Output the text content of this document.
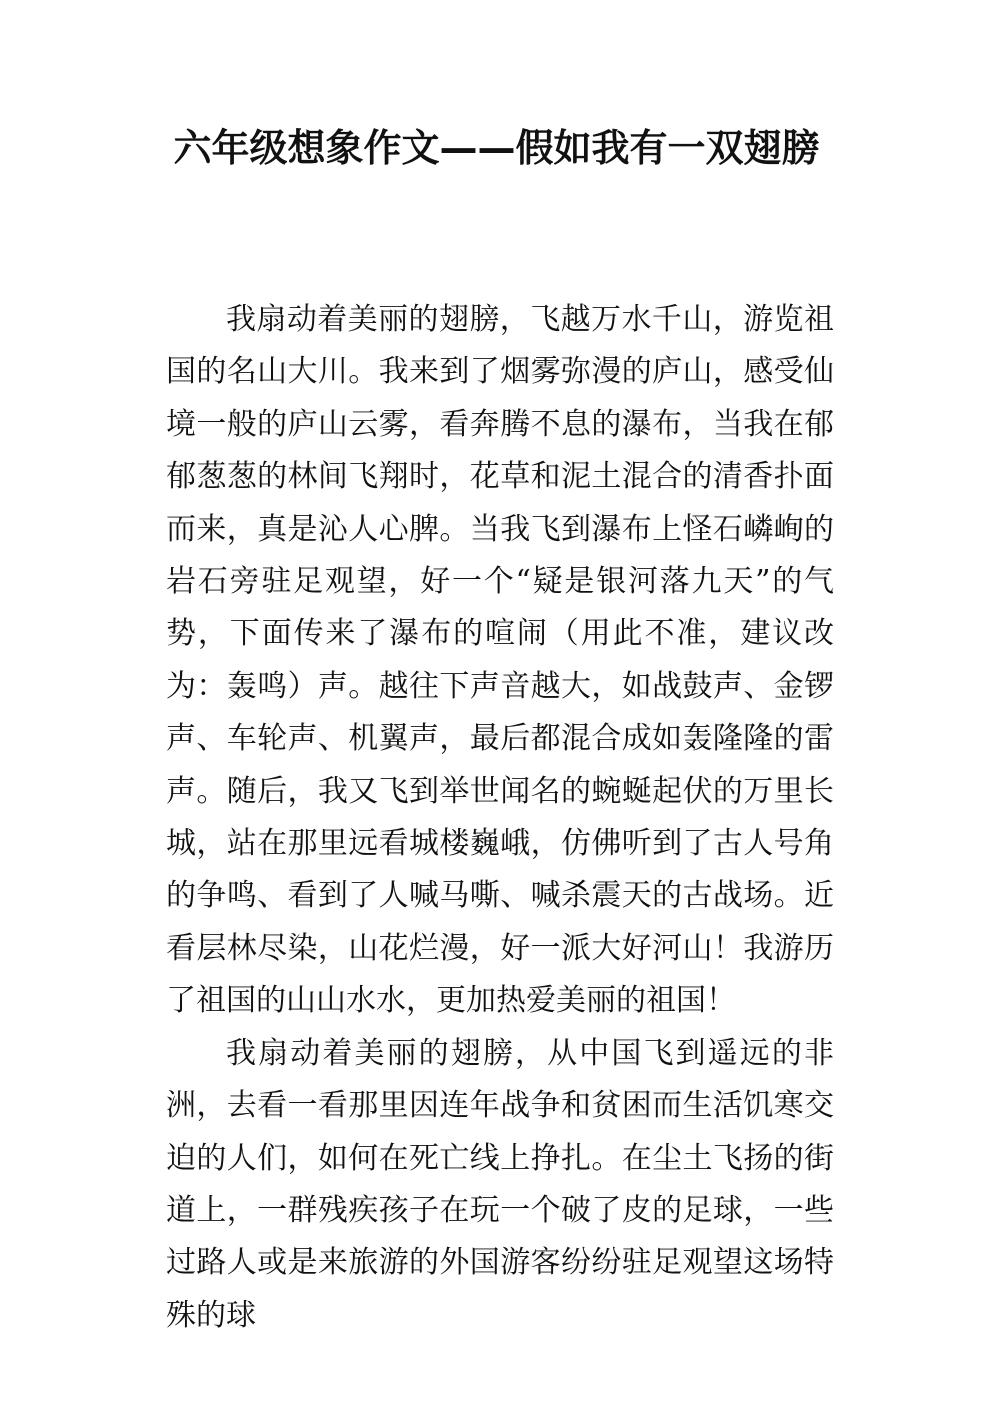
六年级想象作文——假如我有一双翅膀

我扇动着美丽的翅膀，飞越万水千山，游览祖国的名山大川。我来到了烟雾弥漫的庐山，感受仙境一般的庐山云雾，看奔腾不息的瀑布，当我在郁郁葱葱的林间飞翔时，花草和泥土混合的清香扑面而来，真是沁人心脾。当我飞到瀑布上怪石嶙峋的岩石旁驻足观望，好一个“疑是银河落九天”的气势，下面传来了瀑布的喧闹（用此不准，建议改为：轰鸣）声。越往下声音越大，如战鼓声、金锣声、车轮声、机翼声，最后都混合成如轰隆隆的雷声。随后，我又飞到举世闻名的蜿蜒起伏的万里长城，站在那里远看城楼巍峨，仿佛听到了古人号角的争鸣、看到了人喊马嘶、喊杀震天的古战场。近看层林尽染，山花烂漫，好一派大好河山！我游历了祖国的山山水水，更加热爱美丽的祖国！

我扇动着美丽的翅膀，从中国飞到遥远的非洲，去看一看那里因连年战争和贫困而生活饥寒交迫的人们，如何在死亡线上挣扎。在尘土飞扬的街道上，一群残疾孩子在玩一个破了皮的足球，一些过路人或是来旅游的外国游客纷纷驻足观望这场特殊的球
